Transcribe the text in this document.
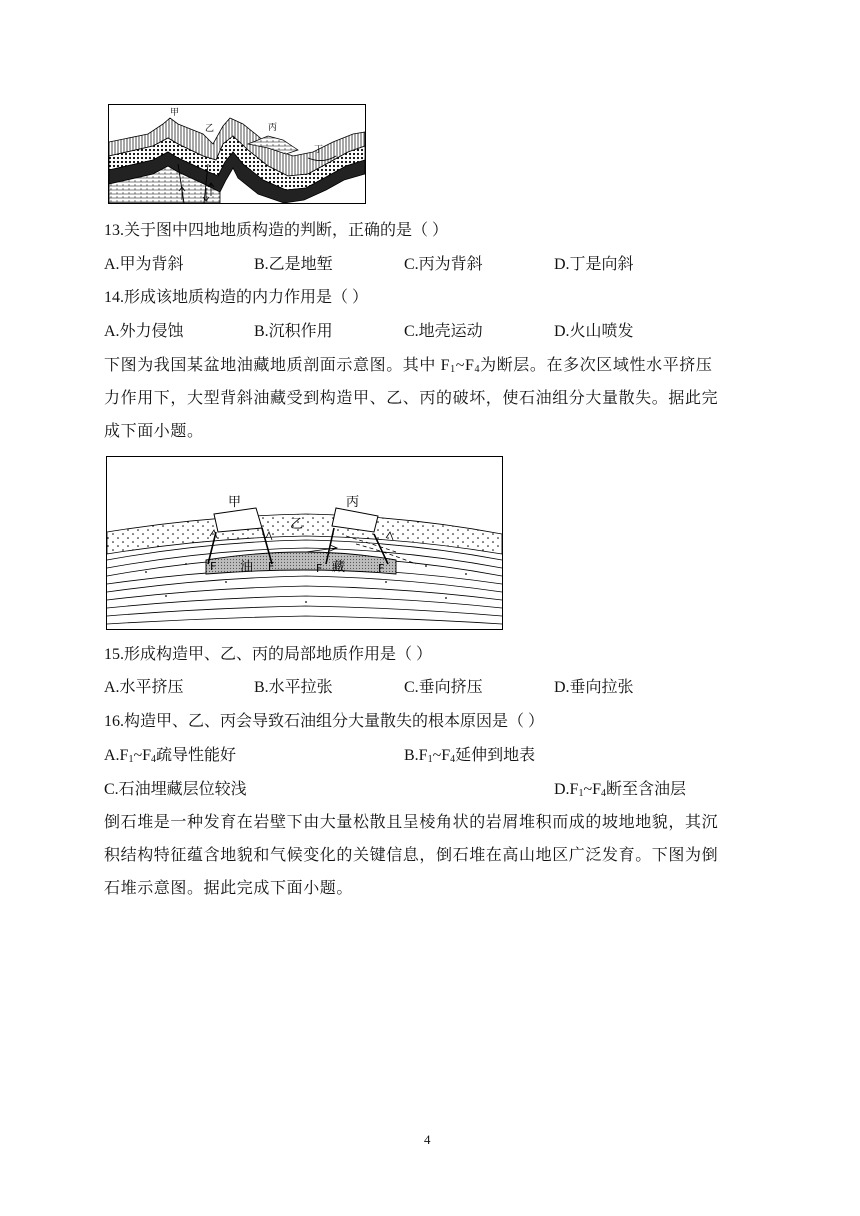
甲
乙	丙
丁
13.关于图中四地地质构造的判断，正确的是（ ）
A.甲为背斜	B.乙是地堑	C.丙为背斜	D.丁是向斜
14.形成该地质构造的内力作用是（ ）
A.外力侵蚀	B.沉积作用	C.地壳运动	D.火山喷发
下图为我国某盆地油藏地质剖面示意图。其中 $F_1\sim F_4$为断层。在多次区域性水平挤压
力作用下，大型背斜油藏受到构造甲、乙、丙的破坏，使石油组分大量散失。据此完
成下面小题。
甲
乙
丙
油	藏
F	F	F	F
15.形成构造甲、乙、丙的局部地质作用是（ ）
A.水平挤压	B.水平拉张	C.垂向挤压	D.垂向拉张
16.构造甲、乙、丙会导致石油组分大量散失的根本原因是（ ）
$A.F_1\sim F_4$疏导性能好	$B.F_1\sim F_4$延伸到地表
C.石油埋藏层位较浅	$D.F_1\sim F_4$断至含油层
倒石堆是一种发育在岩壁下由大量松散且呈棱角状的岩屑堆积而成的坡地地貌，其沉
积结构特征蕴含地貌和气候变化的关键信息，倒石堆在高山地区广泛发育。下图为倒
石堆示意图。据此完成下面小题。
4
